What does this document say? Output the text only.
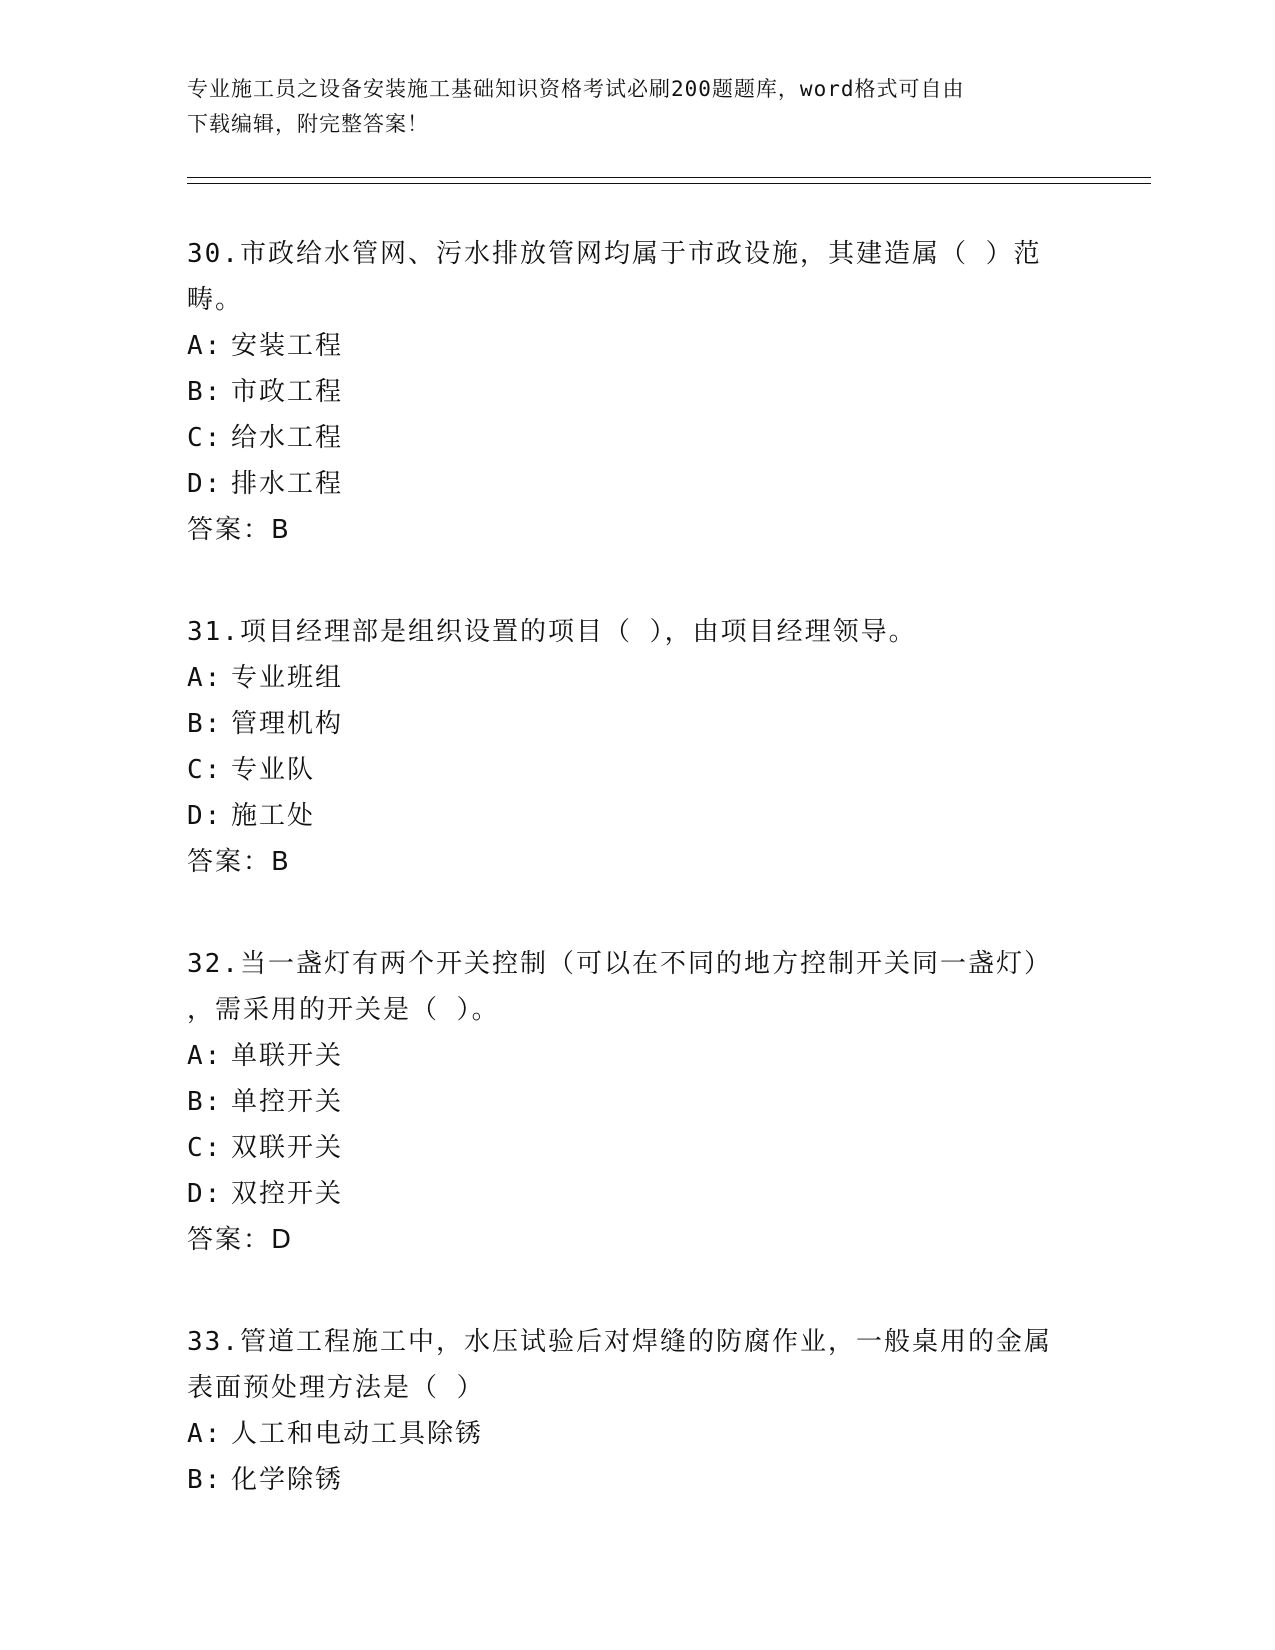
专业施工员之设备安装施工基础知识资格考试必刷200题题库，word格式可自由
下载编辑，附完整答案！

30.市政给水管网、污水排放管网均属于市政设施，其建造属（ ）范

畴。

A: 安装工程

B: 市政工程

C: 给水工程

D: 排水工程

答案：B

31.项目经理部是组织设置的项目（ ），由项目经理领导。

A: 专业班组

B: 管理机构

C: 专业队

D: 施工处

答案：B

32.当一盏灯有两个开关控制（可以在不同的地方控制开关同一盏灯）

，需采用的开关是（ ）。

A: 单联开关

B: 单控开关

C: 双联开关

D: 双控开关

答案：D

33.管道工程施工中，水压试验后对焊缝的防腐作业，一般桌用的金属

表面预处理方法是（ ）

A: 人工和电动工具除锈

B: 化学除锈
